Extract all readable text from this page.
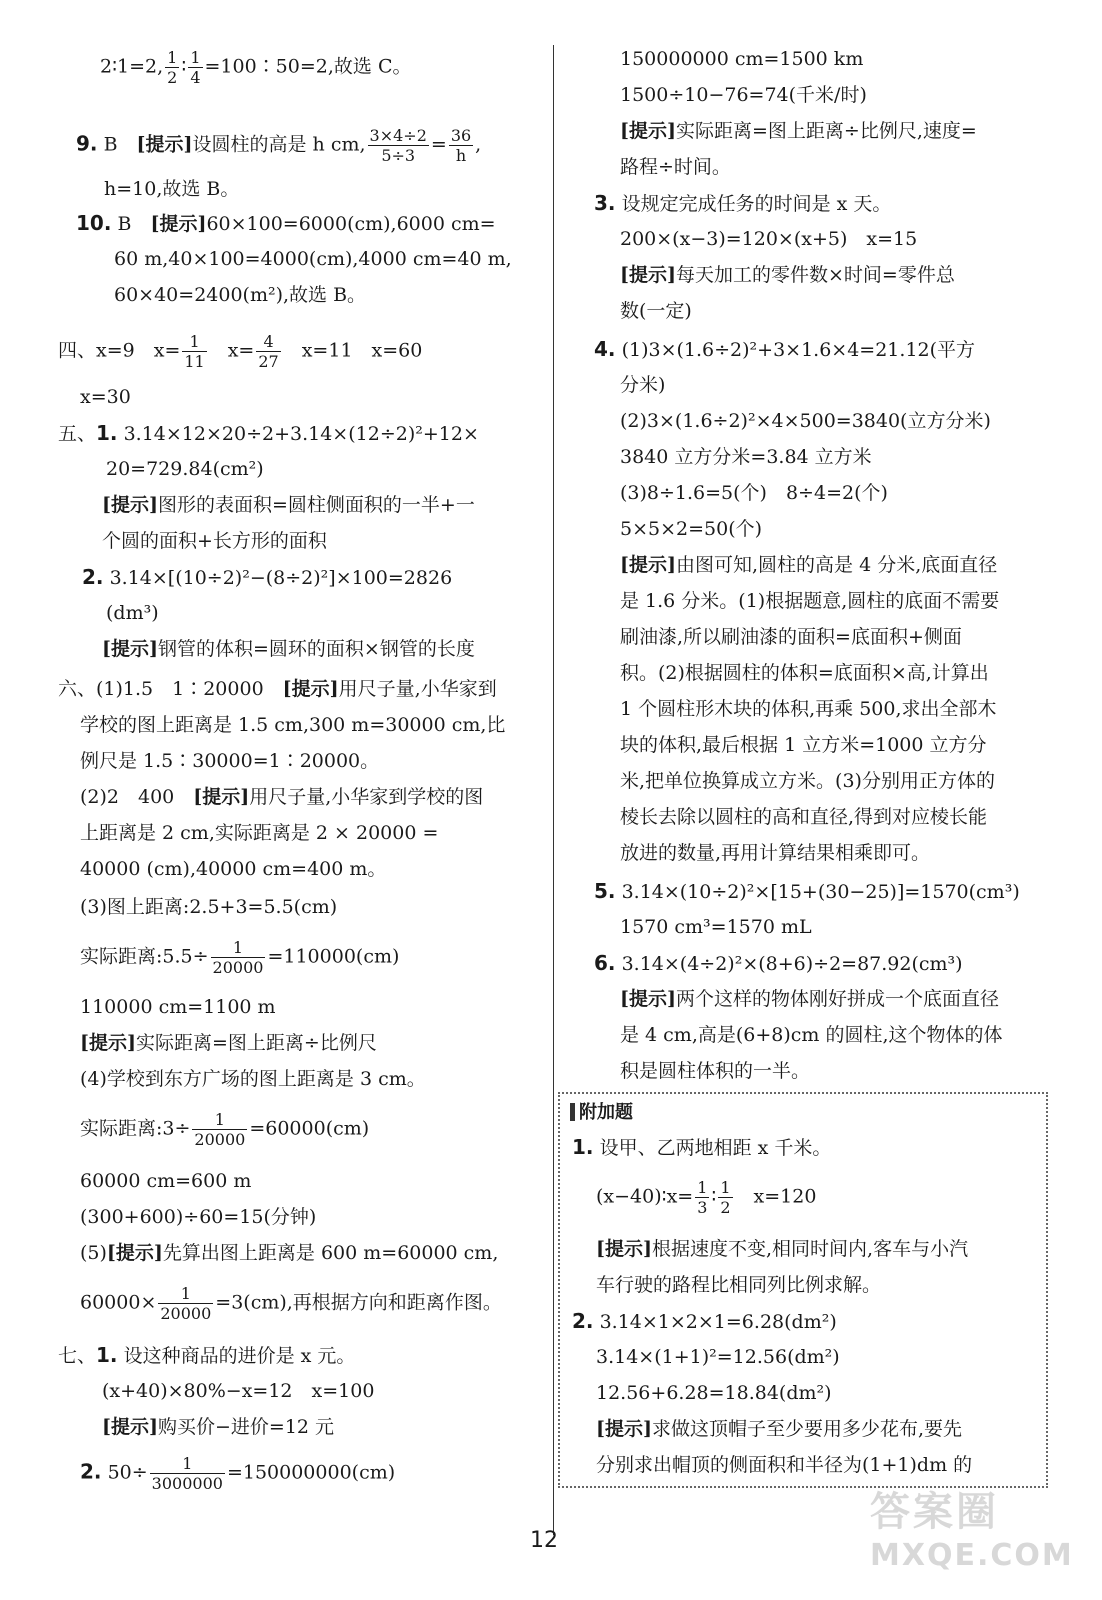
2∶1=2, $\frac{1}{2}$ ∶ $\frac{1}{4}$ =100∶50=2,故选 C。
9. B　[提示]设圆柱的高是 h cm, $\frac{3\times 4\div 2}{5\div 3} = \frac{36}{h}$ ,
h=10,故选 B。
10. B　[提示]60×100=6000(cm),6000 cm=
60 m,40×100=4000(cm),4000 cm=40 m,
60×40=2400(m²),故选 B。
四、x=9　$x= \frac{1}{11}$ 　$x= \frac{4}{27}$ 　x=11　x=60
x=30
五、1. 3.14×12×20÷2+3.14×(12÷2)²+12×
20=729.84(cm²)
[提示]图形的表面积=圆柱侧面积的一半+一
个圆的面积+长方形的面积
2. 3.14×[(10÷2)²−(8÷2)²]×100=2826
(dm³)
[提示]钢管的体积=圆环的面积×钢管的长度
六、(1)1.5　1∶20000　[提示]用尺子量,小华家到
学校的图上距离是 1.5 cm,300 m=30000 cm,比
例尺是 1.5∶30000=1∶20000。
(2)2　400　[提示]用尺子量,小华家到学校的图
上距离是 2 cm,实际距离是 2 × 20000 =
40000 (cm),40000 cm=400 m。
(3)图上距离:2.5+3=5.5(cm)
实际距离:5.5÷ $\frac{1}{20000} =110000(cm)$
110000 cm=1100 m
[提示]实际距离=图上距离÷比例尺
(4)学校到东方广场的图上距离是 3 cm。
实际距离:3÷ $\frac{1}{20000} =60000(cm)$
60000 cm=600 m
(300+600)÷60=15(分钟)
(5)[提示]先算出图上距离是 600 m=60000 cm,
$60000\times \frac{1}{20000} =3(cm)$,再根据方向和距离作图。
七、1. 设这种商品的进价是 x 元。
(x+40)×80%−x=12　x=100
[提示]购买价−进价=12 元
2. $50\div \frac{1}{3000000} =150000000(cm)$
150000000 cm=1500 km
1500÷10−76=74(千米/时)
[提示]实际距离=图上距离÷比例尺,速度=
路程÷时间。
3. 设规定完成任务的时间是 x 天。
200×(x−3)=120×(x+5)　x=15
[提示]每天加工的零件数×时间=零件总
数(一定)
4. (1)3×(1.6÷2)²+3×1.6×4=21.12(平方
分米)
(2)3×(1.6÷2)²×4×500=3840(立方分米)
3840 立方分米=3.84 立方米
(3)8÷1.6=5(个)　8÷4=2(个)
5×5×2=50(个)
[提示]由图可知,圆柱的高是 4 分米,底面直径
是 1.6 分米。(1)根据题意,圆柱的底面不需要
刷油漆,所以刷油漆的面积=底面积+侧面
积。(2)根据圆柱的体积=底面积×高,计算出
1 个圆柱形木块的体积,再乘 500,求出全部木
块的体积,最后根据 1 立方米=1000 立方分
米,把单位换算成立方米。(3)分别用正方体的
棱长去除以圆柱的高和直径,得到对应棱长能
放进的数量,再用计算结果相乘即可。
5. 3.14×(10÷2)²×[15+(30−25)]=1570(cm³)
1570 cm³=1570 mL
6. 3.14×(4÷2)²×(8+6)÷2=87.92(cm³)
[提示]两个这样的物体刚好拼成一个底面直径
是 4 cm,高是(6+8)cm 的圆柱,这个物体的体
积是圆柱体积的一半。
附加题
1. 设甲、乙两地相距 x 千米。
(x−40)∶x= $\frac{1}{3}$ ∶ $\frac{1}{2}$ 　x=120
[提示]根据速度不变,相同时间内,客车与小汽
车行驶的路程比相同列比例求解。
2. 3.14×1×2×1=6.28(dm²)
3.14×(1+1)²=12.56(dm²)
12.56+6.28=18.84(dm²)
[提示]求做这顶帽子至少要用多少花布,要先
分别求出帽顶的侧面积和半径为(1+1)dm 的
12
答案圈
MXQE.COM
